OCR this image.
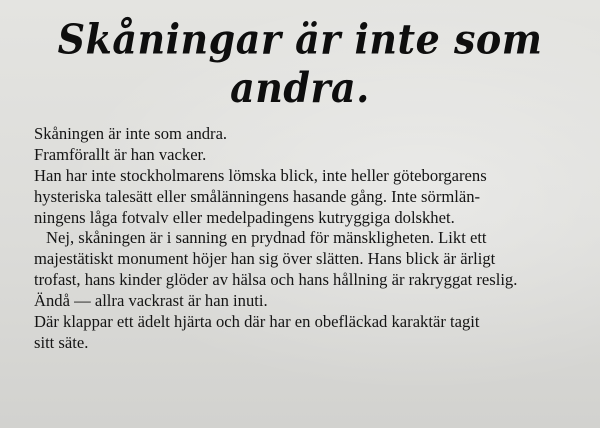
Skåningar är inte som andra.
Skåningen är inte som andra.
Framförallt är han vacker.
Han har inte stockholmarens lömska blick, inte heller göteborgarens
hysteriska talesätt eller smålänningens hasande gång. Inte sörmlän-
ningens låga fotvalv eller medelpadingens kutryggiga dolskhet.
Nej, skåningen är i sanning en prydnad för mänskligheten. Likt ett
majestätiskt monument höjer han sig över slätten. Hans blick är ärligt
trofast, hans kinder glöder av hälsa och hans hållning är rakryggat reslig.
Ändå — allra vackrast är han inuti.
Där klappar ett ädelt hjärta och där har en obefläckad karaktär tagit
sitt säte.
